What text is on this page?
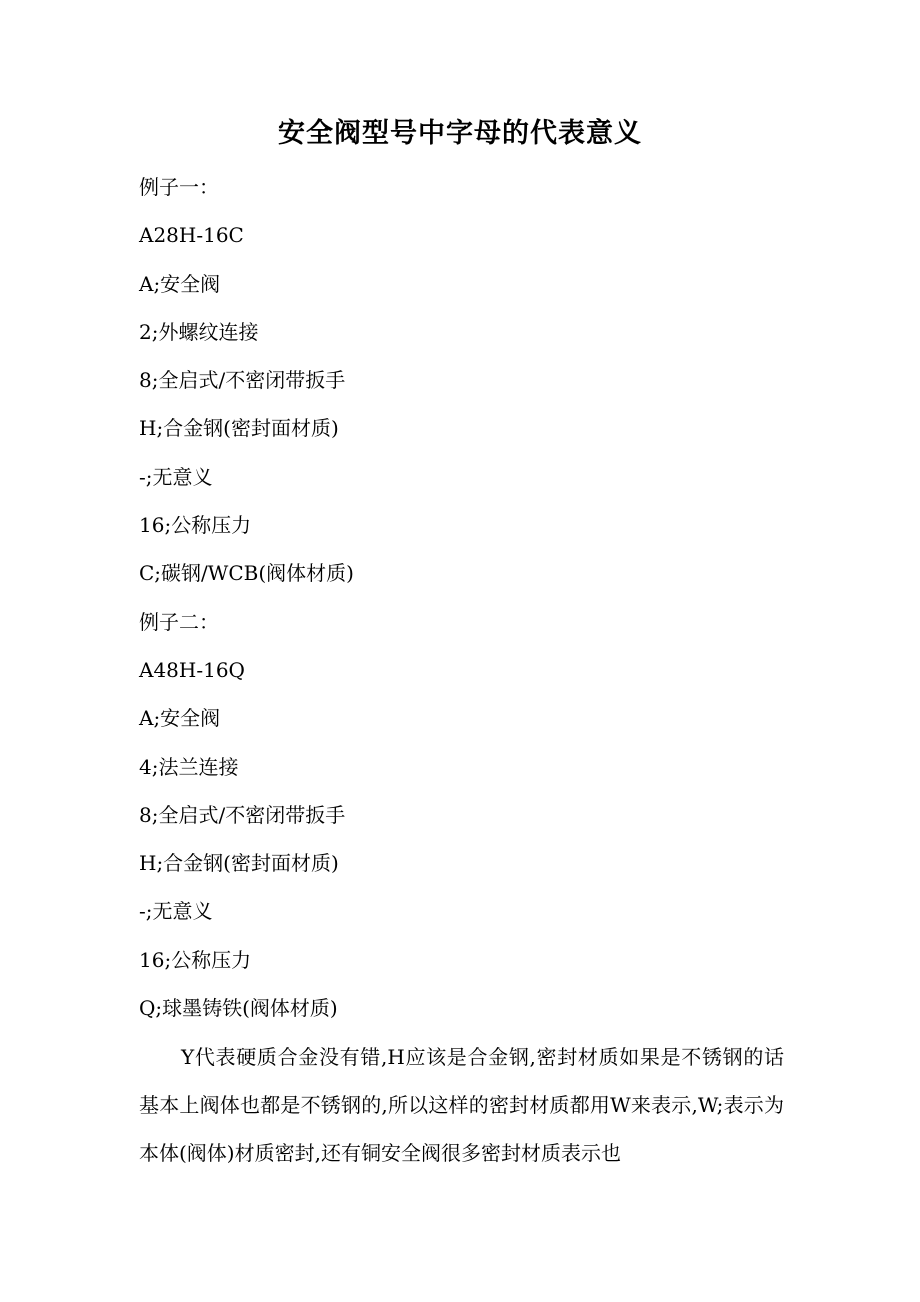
安全阀型号中字母的代表意义
例子一：
A28H-16C
A;安全阀
2;外螺纹连接
8;全启式/不密闭带扳手
H;合金钢(密封面材质)
-;无意义
16;公称压力
C;碳钢/WCB(阀体材质)
例子二：
A48H-16Q
A;安全阀
4;法兰连接
8;全启式/不密闭带扳手
H;合金钢(密封面材质)
-;无意义
16;公称压力
Q;球墨铸铁(阀体材质)
Y代表硬质合金没有错,H应该是合金钢,密封材质如果是不锈钢的话基本上阀体也都是不锈钢的,所以这样的密封材质都用W来表示,W;表示为本体(阀体)材质密封,还有铜安全阀很多密封材质表示也
